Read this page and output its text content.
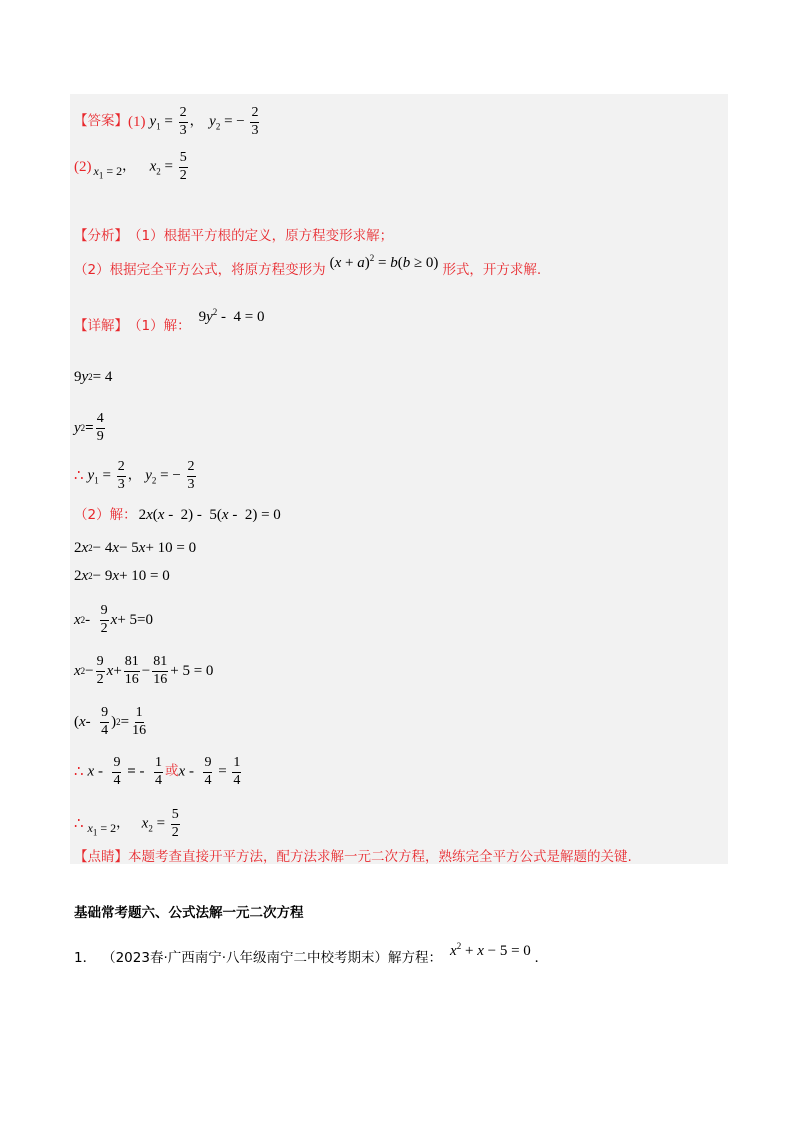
【答案】 (1) $y_1 = \frac{2}{3}$ ， $y_2$ = − $\frac{2}{3}$
(2) $x_1 = 2$ ， $x_2 = \frac{5}{2}$
【分析】 （1）根据平方根的定义，原方程变形求解；
（2）根据完全平方公式，将原方程变形为 $(x + a)^2 = b(b \ge 0)$ 形式，开方求解.
【详解】 （1）解：
$9y^2 - 4 = 0$
9 y 2 = 4
y $2 = \frac{4}{9}$
∴ $y_1 = \frac{2}{3}$ ， $y_2$ = − $\frac{2}{3}$
（2）解： 2x(x -  2) -  5(x -  2) = 0
2 x 2 − 4 x − 5 x + 10 = 0
2 x 2 − 9 x + 10 = 0
x $2 - \frac{9}{2}$ x + 5=0
x $2 - \frac{9}{2}$ $x + \frac{81}{16} - \frac{81}{16} + 5 = 0$
( x - $\frac{9}{4}$ ) $2 = \frac{1}{16}$
∴ x - $\frac{9}{4}$ = - $\frac{1}{4}$ 或 $x - \frac{9}{4} = \frac{1}{4}$
∴ $x_1 = 2$ ， $x_2 = \frac{5}{2}$
【点睛】 本题考查直接开平方法，配方法求解一元二次方程，熟练完全平方公式是解题的关键.
基础常考题六、公式法解一元二次方程
1． （2023春·广西南宁·八年级南宁二中校考期末）解方程： $x^2 + x - 5 = 0$ .
